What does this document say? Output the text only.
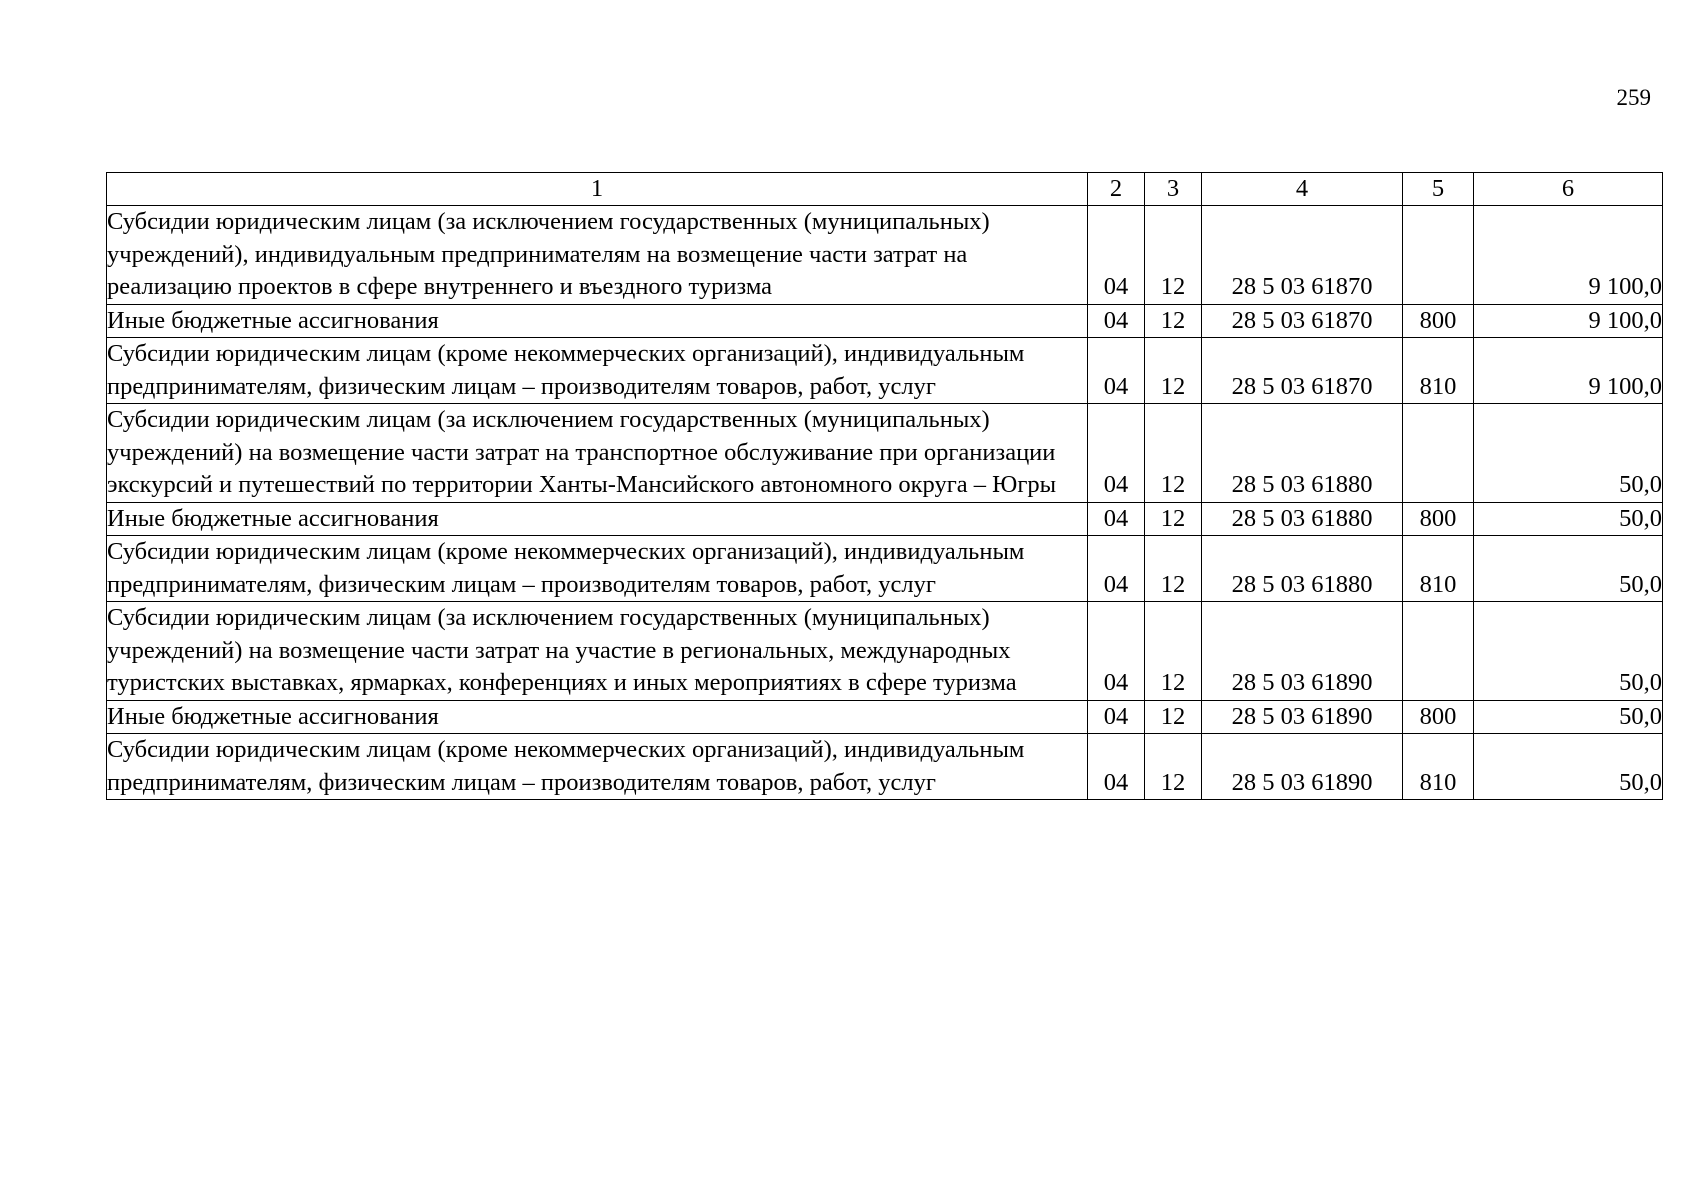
259
1	2	3	4	5	6
Субсидии юридическим лицам (за исключением государственных (муниципальных) учреждений), индивидуальным предпринимателям на возмещение части затрат на реализацию проектов в сфере внутреннего и въездного туризма	04	12	28 5 03 61870		9 100,0
Иные бюджетные ассигнования	04	12	28 5 03 61870	800	9 100,0
Субсидии юридическим лицам (кроме некоммерческих организаций), индивидуальным предпринимателям, физическим лицам – производителям товаров, работ, услуг	04	12	28 5 03 61870	810	9 100,0
Субсидии юридическим лицам (за исключением государственных (муниципальных) учреждений) на возмещение части затрат на транспортное обслуживание при организации экскурсий и путешествий по территории Ханты-Мансийского автономного округа – Югры	04	12	28 5 03 61880		50,0
Иные бюджетные ассигнования	04	12	28 5 03 61880	800	50,0
Субсидии юридическим лицам (кроме некоммерческих организаций), индивидуальным предпринимателям, физическим лицам – производителям товаров, работ, услуг	04	12	28 5 03 61880	810	50,0
Субсидии юридическим лицам (за исключением государственных (муниципальных) учреждений) на возмещение части затрат на участие в региональных, международных туристских выставках, ярмарках, конференциях и иных мероприятиях в сфере туризма	04	12	28 5 03 61890		50,0
Иные бюджетные ассигнования	04	12	28 5 03 61890	800	50,0
Субсидии юридическим лицам (кроме некоммерческих организаций), индивидуальным предпринимателям, физическим лицам – производителям товаров, работ, услуг	04	12	28 5 03 61890	810	50,0
